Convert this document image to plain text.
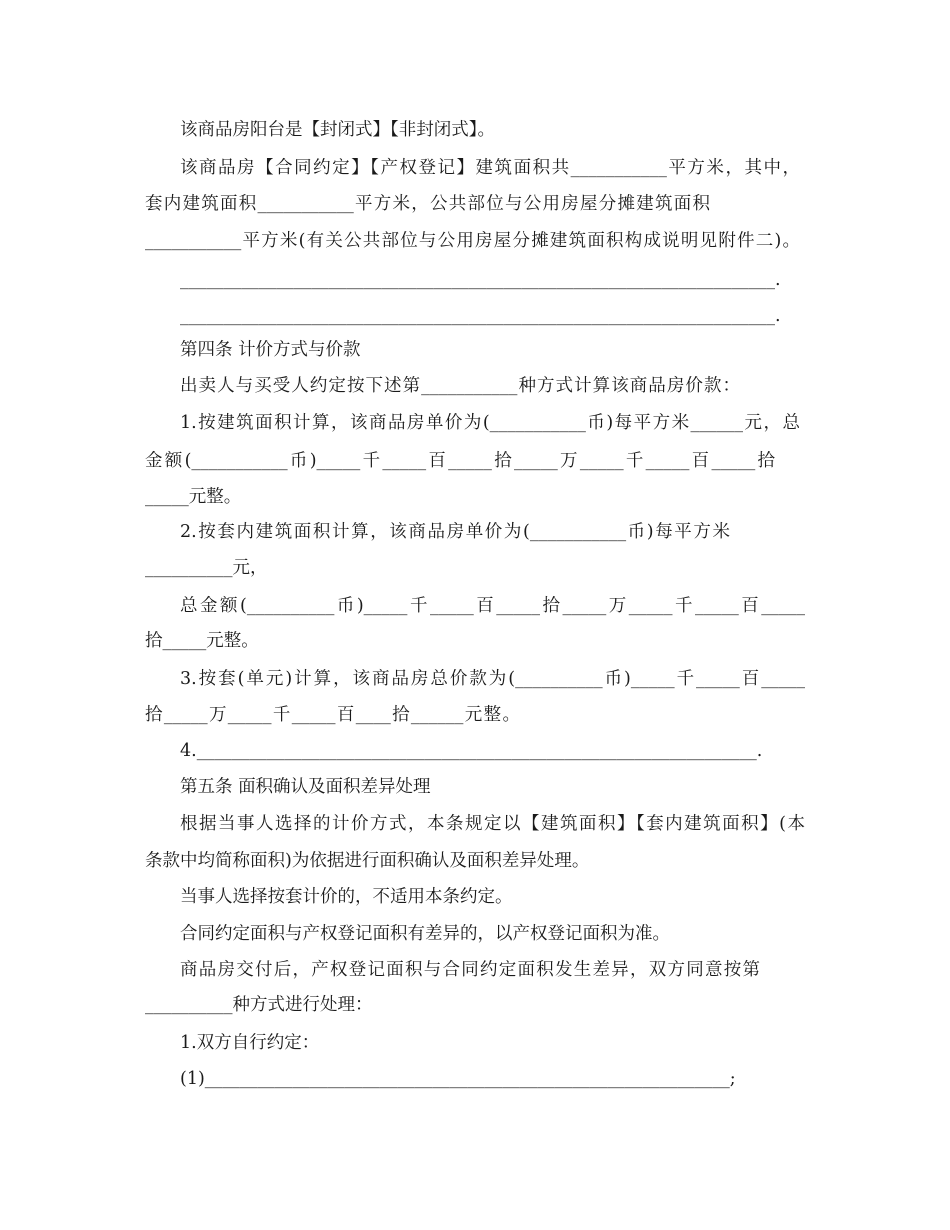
该商品房阳台是【封闭式】【非封闭式】。
该商品房【合同约定】【产权登记】建筑面积共___________平方米，其中，
套内建筑面积___________平方米，公共部位与公用房屋分摊建筑面积
___________平方米(有关公共部位与公用房屋分摊建筑面积构成说明见附件二)。
____________________________________________________________________.
____________________________________________________________________.
第四条 计价方式与价款
出卖人与买受人约定按下述第___________种方式计算该商品房价款：
1.按建筑面积计算，该商品房单价为(___________币)每平方米______元，总
金额(___________币)_____千_____百_____拾_____万_____千_____百_____拾
_____元整。
2.按套内建筑面积计算，该商品房单价为(___________币)每平方米
__________元，
总金额(__________币)_____千_____百_____拾_____万_____千_____百_____
拾_____元整。
3.按套(单元)计算，该商品房总价款为(__________币)_____千_____百_____
拾_____万_____千_____百____拾______元整。
4.________________________________________________________________.
第五条 面积确认及面积差异处理
根据当事人选择的计价方式，本条规定以【建筑面积】【套内建筑面积】(本
条款中均简称面积)为依据进行面积确认及面积差异处理。
当事人选择按套计价的，不适用本条约定。
合同约定面积与产权登记面积有差异的，以产权登记面积为准。
商品房交付后，产权登记面积与合同约定面积发生差异，双方同意按第
__________种方式进行处理：
1.双方自行约定：
(1)____________________________________________________________;
